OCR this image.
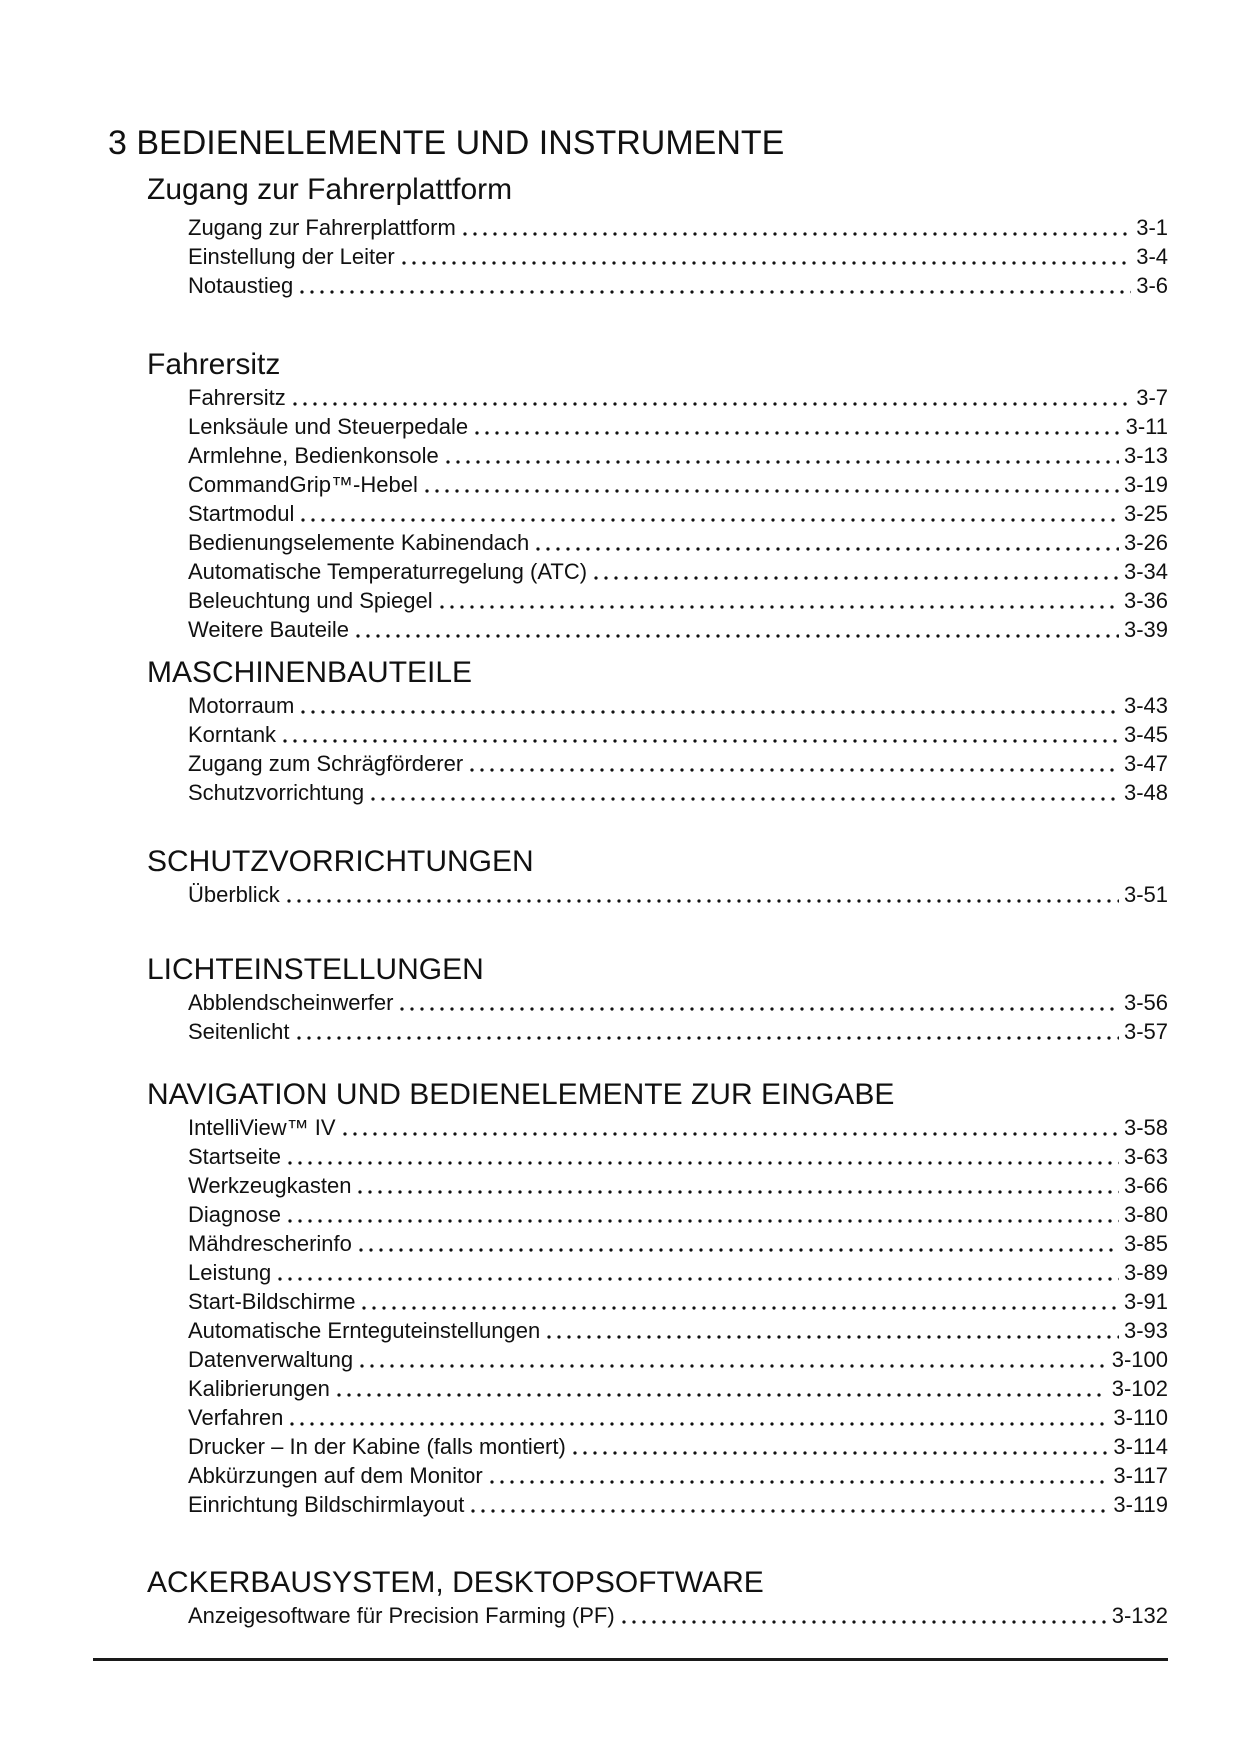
3 BEDIENELEMENTE UND INSTRUMENTE
Zugang zur Fahrerplattform
Zugang zur Fahrerplattform	3-1
Einstellung der Leiter	3-4
Notaustieg	3-6
Fahrersitz
Fahrersitz	3-7
Lenksäule und Steuerpedale	3-11
Armlehne, Bedienkonsole	3-13
CommandGrip™-Hebel	3-19
Startmodul	3-25
Bedienungselemente Kabinendach	3-26
Automatische Temperaturregelung (ATC)	3-34
Beleuchtung und Spiegel	3-36
Weitere Bauteile	3-39
MASCHINENBAUTEILE
Motorraum	3-43
Korntank	3-45
Zugang zum Schrägförderer	3-47
Schutzvorrichtung	3-48
SCHUTZVORRICHTUNGEN
Überblick	3-51
LICHTEINSTELLUNGEN
Abblendscheinwerfer	3-56
Seitenlicht	3-57
NAVIGATION UND BEDIENELEMENTE ZUR EINGABE
IntelliView™ IV	3-58
Startseite	3-63
Werkzeugkasten	3-66
Diagnose	3-80
Mähdrescherinfo	3-85
Leistung	3-89
Start-Bildschirme	3-91
Automatische Ernteguteinstellungen	3-93
Datenverwaltung	3-100
Kalibrierungen	3-102
Verfahren	3-110
Drucker – In der Kabine (falls montiert)	3-114
Abkürzungen auf dem Monitor	3-117
Einrichtung Bildschirmlayout	3-119
ACKERBAUSYSTEM, DESKTOPSOFTWARE
Anzeigesoftware für Precision Farming (PF)	3-132
